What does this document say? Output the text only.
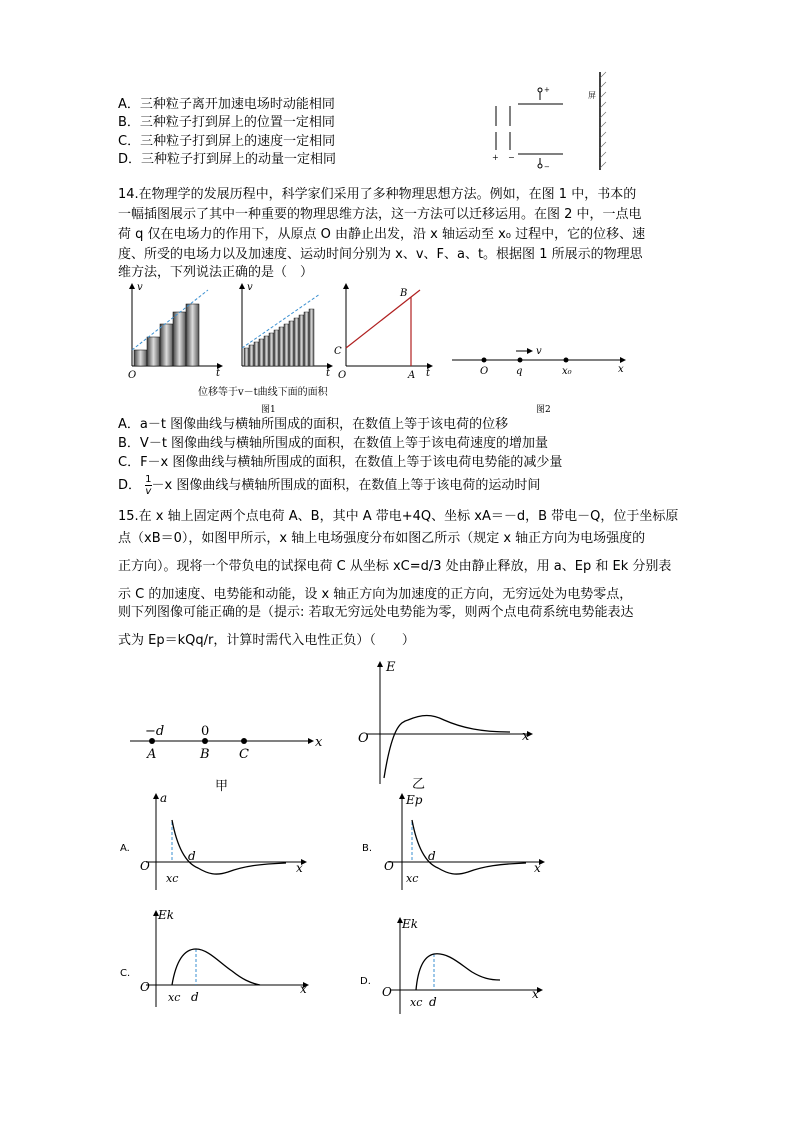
A．三种粒子离开加速电场时动能相同
B．三种粒子打到屏上的位置一定相同
C．三种粒子打到屏上的速度一定相同
D．三种粒子打到屏上的动量一定相同
屏
+ −
+
−
14.在物理学的发展历程中，科学家们采用了多种物理思想方法。例如，在图 1 中，书本的
一幅插图展示了其中一种重要的物理思维方法，这一方法可以迁移运用。在图 2 中，一点电
荷 q 仅在电场力的作用下，从原点 O 由静止出发，沿 x 轴运动至 x₀ 过程中，它的位移、速
度、所受的电场力以及加速度、运动时间分别为 x、v、F、a、t。根据图 1 所展示的物理思
维方法，下列说法正确的是（　）
v
t
O
v
t
B
C
A
O	t
位移等于v－t曲线下面的面积
图1
v
O	q	x₀	x
图2
A．a－t 图像曲线与横轴所围成的面积，在数值上等于该电荷的位移
B．V－t 图像曲线与横轴所围成的面积，在数值上等于该电荷速度的增加量
C．F－x 图像曲线与横轴所围成的面积，在数值上等于该电荷电势能的减少量
D． $\frac{1}{v} -x$ 图像曲线与横轴所围成的面积，在数值上等于该电荷的运动时间
15.在 x 轴上固定两个点电荷 A、B，其中 A 带电+4Q、坐标 xA＝－d，B 带电－Q，位于坐标原
点（xB＝0），如图甲所示，x 轴上电场强度分布如图乙所示（规定 x 轴正方向为电场强度的
正方向）。现将一个带负电的试探电荷 C 从坐标 xC=d/3 处由静止释放，用 a、Ep 和 Ek 分别表
示 C 的加速度、电势能和动能，设 x 轴正方向为加速度的正方向，无穷远处为电势零点，
则下列图像可能正确的是（提示: 若取无穷远处电势能为零，则两个点电荷系统电势能表达
式为 Ep＝kQq/r，计算时需代入电性正负）（　　）
−d	0
A	B C
x
甲
E
O	x
乙
A.
a
O	x
xc
d
B.
Ep
O	x
xc
d
C.
Ek
O	x
xc d
D.
Ek
O	x
xc d
